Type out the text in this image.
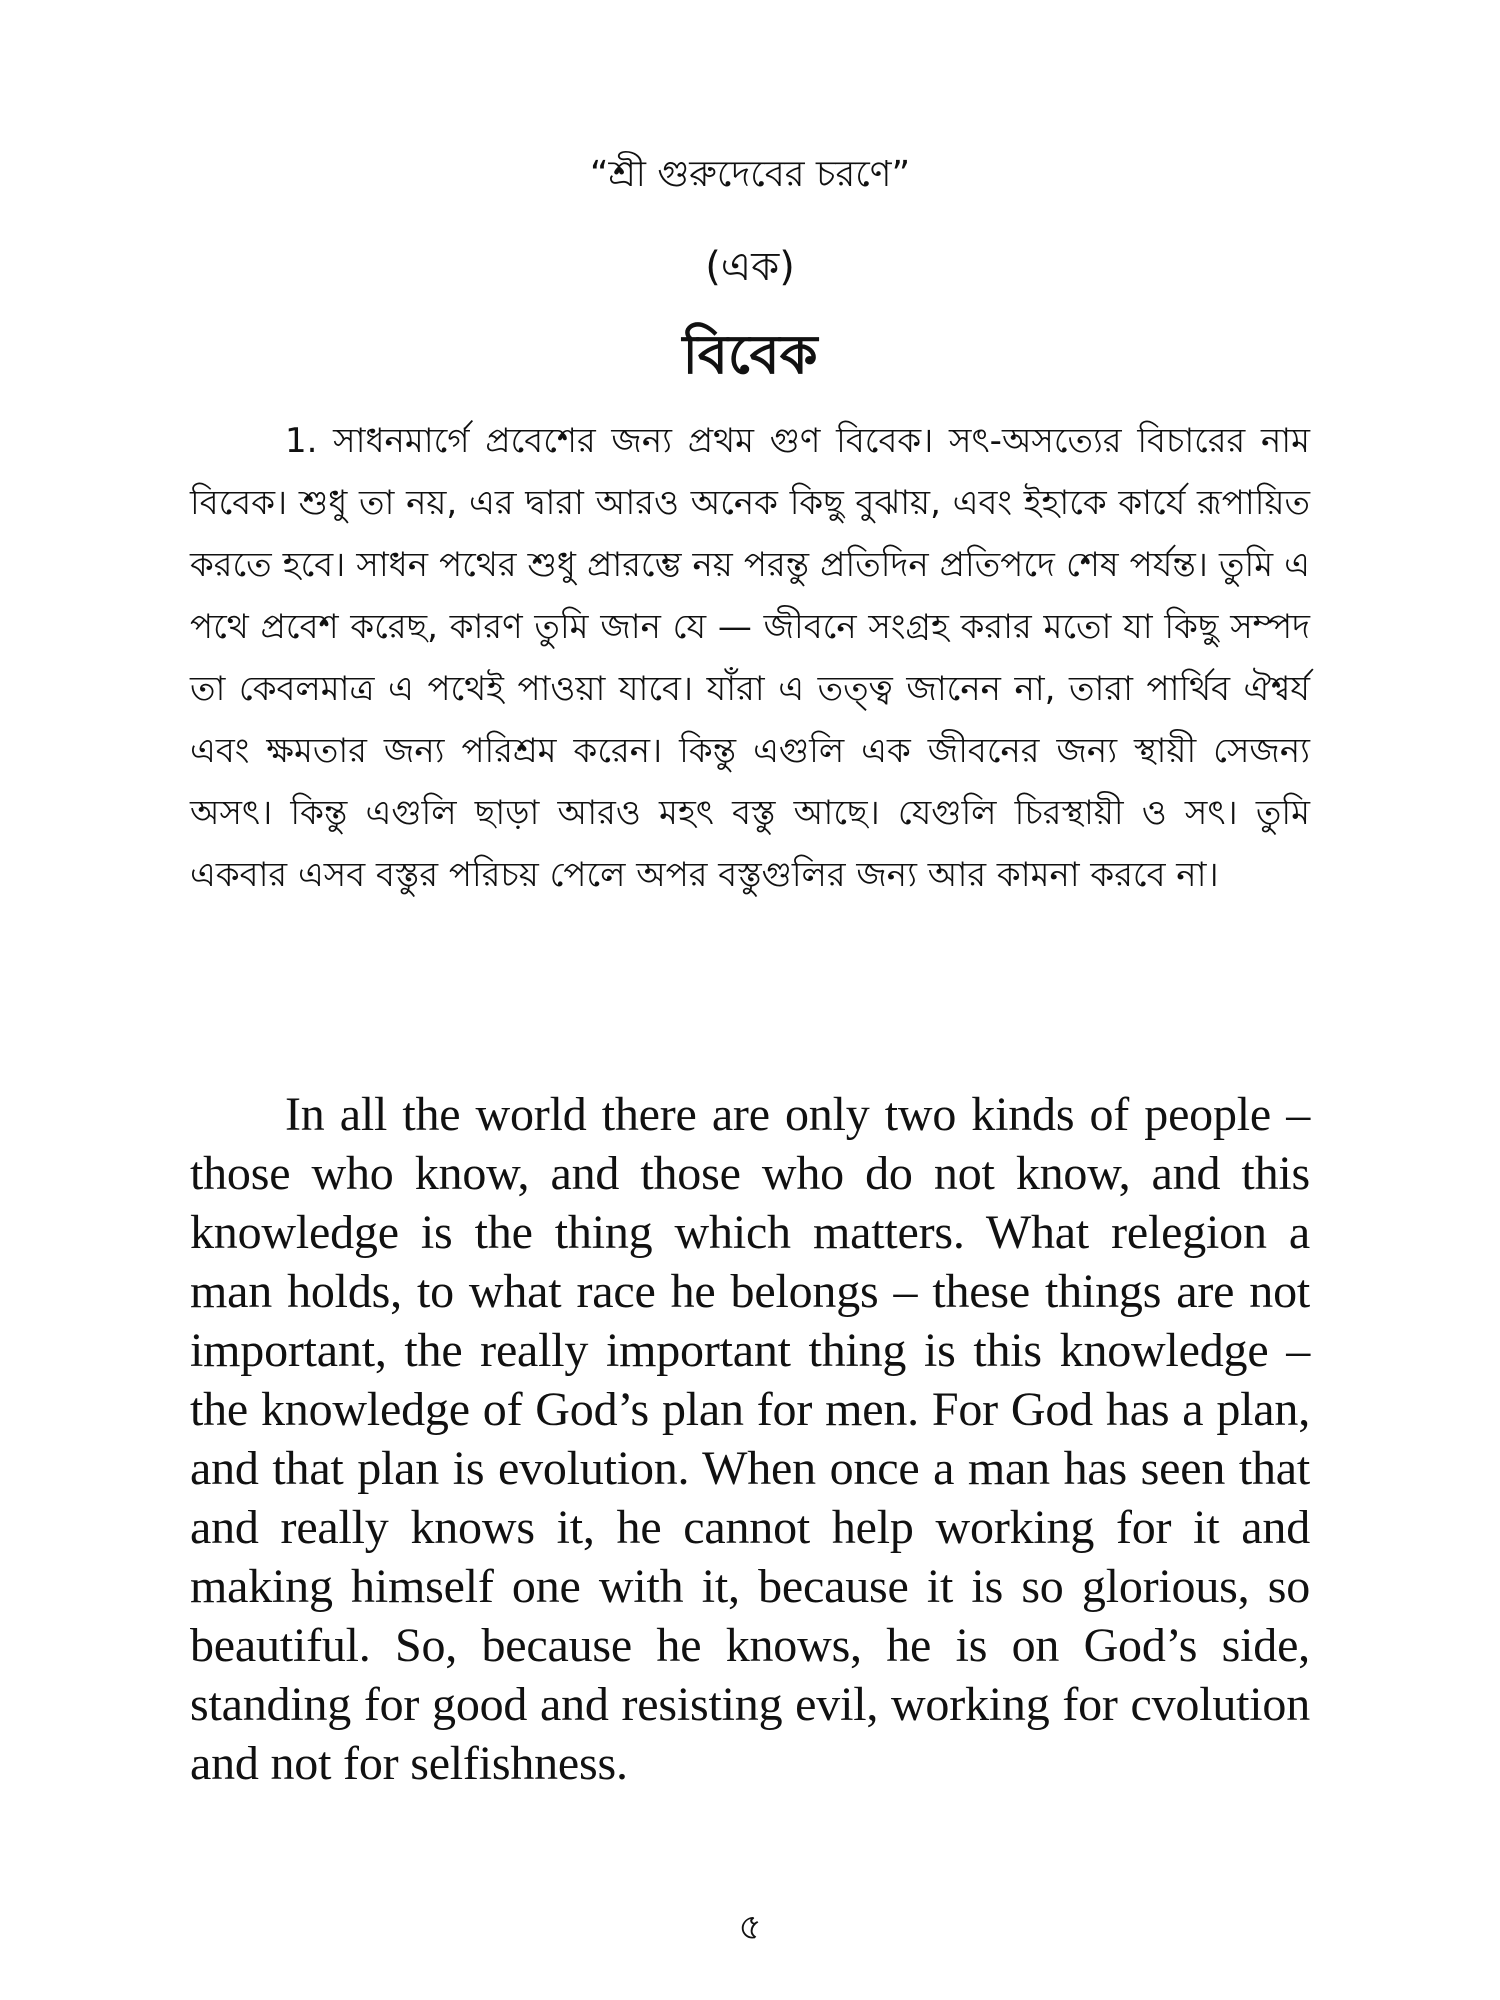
“শ্রী গুরুদেবের চরণে”
(এক)
বিবেক

1. সাধনমার্গে প্রবেশের জন্য প্রথম গুণ বিবেক। সৎ-অসত্যের বিচারের নাম বিবেক। শুধু তা নয়, এর দ্বারা আরও অনেক কিছু বুঝায়, এবং ইহাকে কার্যে রূপায়িত করতে হবে। সাধন পথের শুধু প্রারম্ভে নয় পরন্তু প্রতিদিন প্রতিপদে শেষ পর্যন্ত। তুমি এ পথে প্রবেশ করেছ, কারণ তুমি জান যে — জীবনে সংগ্রহ করার মতো যা কিছু সম্পদ তা কেবলমাত্র এ পথেই পাওয়া যাবে। যাঁরা এ তত্ত্ব জানেন না, তারা পার্থিব ঐশ্বর্য এবং ক্ষমতার জন্য পরিশ্রম করেন। কিন্তু এগুলি এক জীবনের জন্য স্থায়ী সেজন্য অসৎ। কিন্তু এগুলি ছাড়া আরও মহৎ বস্তু আছে। যেগুলি চিরস্থায়ী ও সৎ। তুমি একবার এসব বস্তুর পরিচয় পেলে অপর বস্তুগুলির জন্য আর কামনা করবে না।

In all the world there are only two kinds of people – those who know, and those who do not know, and this knowledge is the thing which matters. What relegion a man holds, to what race he belongs – these things are not important, the really important thing is this knowledge – the knowledge of God’s plan for men. For God has a plan, and that plan is evolution. When once a man has seen that and really knows it, he cannot help working for it and making himself one with it, because it is so glorious, so beautiful. So, because he knows, he is on God’s side, standing for good and resisting evil, working for cvolution and not for selfishness.

৫
